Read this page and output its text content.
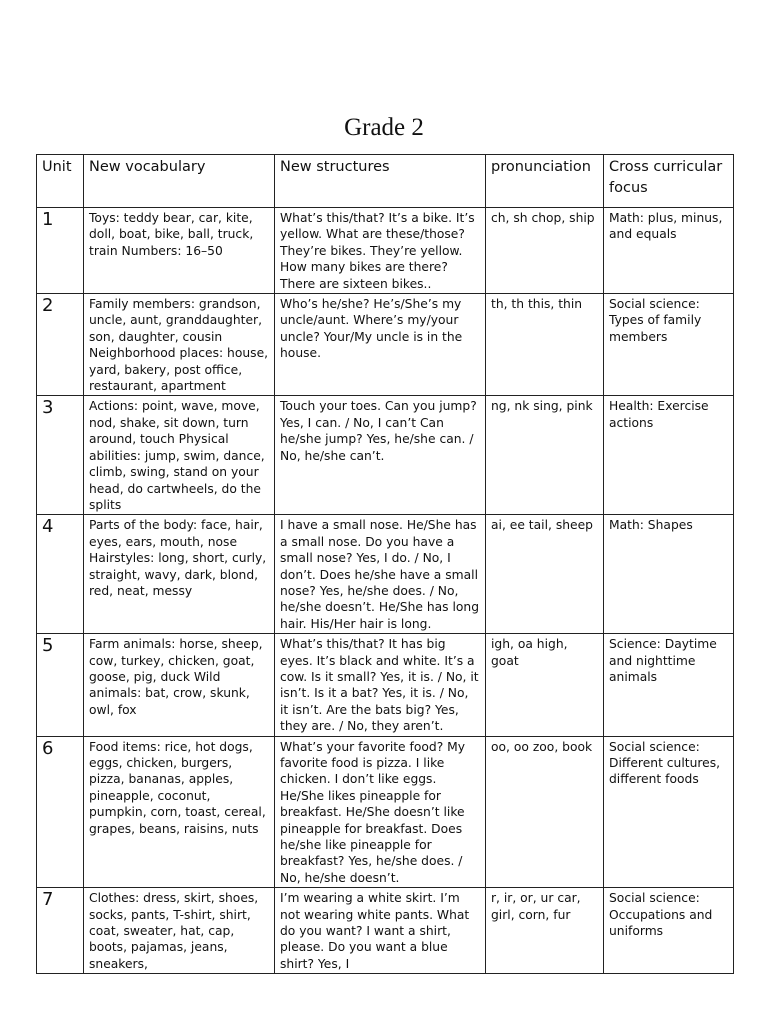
Grade 2
Unit	New vocabulary	New structures	pronunciation	Cross curricular focus
1	Toys: teddy bear, car, kite, doll, boat, bike, ball, truck, train Numbers: 16–50	What’s this/that? It’s a bike. It’s yellow. What are these/those? They’re bikes. They’re yellow. How many bikes are there? There are sixteen bikes..	ch, sh chop, ship	Math: plus, minus, and equals
2	Family members: grandson, uncle, aunt, granddaughter, son, daughter, cousin Neighborhood places: house, yard, bakery, post office, restaurant, apartment	Who’s he/she? He’s/She’s my uncle/aunt. Where’s my/your uncle? Your/My uncle is in the house.	th, th this, thin	Social science: Types of family members
3	Actions: point, wave, move, nod, shake, sit down, turn around, touch Physical abilities: jump, swim, dance, climb, swing, stand on your head, do cartwheels, do the splits	Touch your toes. Can you jump? Yes, I can. / No, I can’t Can he/she jump? Yes, he/she can. / No, he/she can’t.	ng, nk sing, pink	Health: Exercise actions
4	Parts of the body: face, hair, eyes, ears, mouth, nose Hairstyles: long, short, curly, straight, wavy, dark, blond, red, neat, messy	I have a small nose. He/She has a small nose. Do you have a small nose? Yes, I do. / No, I don’t. Does he/she have a small nose? Yes, he/she does. / No, he/she doesn’t. He/She has long hair. His/Her hair is long.	ai, ee tail, sheep	Math: Shapes
5	Farm animals: horse, sheep, cow, turkey, chicken, goat, goose, pig, duck Wild animals: bat, crow, skunk, owl, fox	What’s this/that? It has big eyes. It’s black and white. It’s a cow. Is it small? Yes, it is. / No, it isn’t. Is it a bat? Yes, it is. / No, it isn’t. Are the bats big? Yes, they are. / No, they aren’t.	igh, oa high, goat	Science: Daytime and nighttime animals
6	Food items: rice, hot dogs, eggs, chicken, burgers, pizza, bananas, apples, pineapple, coconut, pumpkin, corn, toast, cereal, grapes, beans, raisins, nuts	What’s your favorite food? My favorite food is pizza. I like chicken. I don’t like eggs. He/She likes pineapple for breakfast. He/She doesn’t like pineapple for breakfast. Does he/she like pineapple for breakfast? Yes, he/she does. / No, he/she doesn’t.	oo, oo zoo, book	Social science: Different cultures, different foods
7	Clothes: dress, skirt, shoes, socks, pants, T-shirt, shirt, coat, sweater, hat, cap, boots, pajamas, jeans, sneakers,	I’m wearing a white skirt. I’m not wearing white pants. What do you want? I want a shirt, please. Do you want a blue shirt? Yes, I	r, ir, or, ur car, girl, corn, fur	Social science: Occupations and uniforms
